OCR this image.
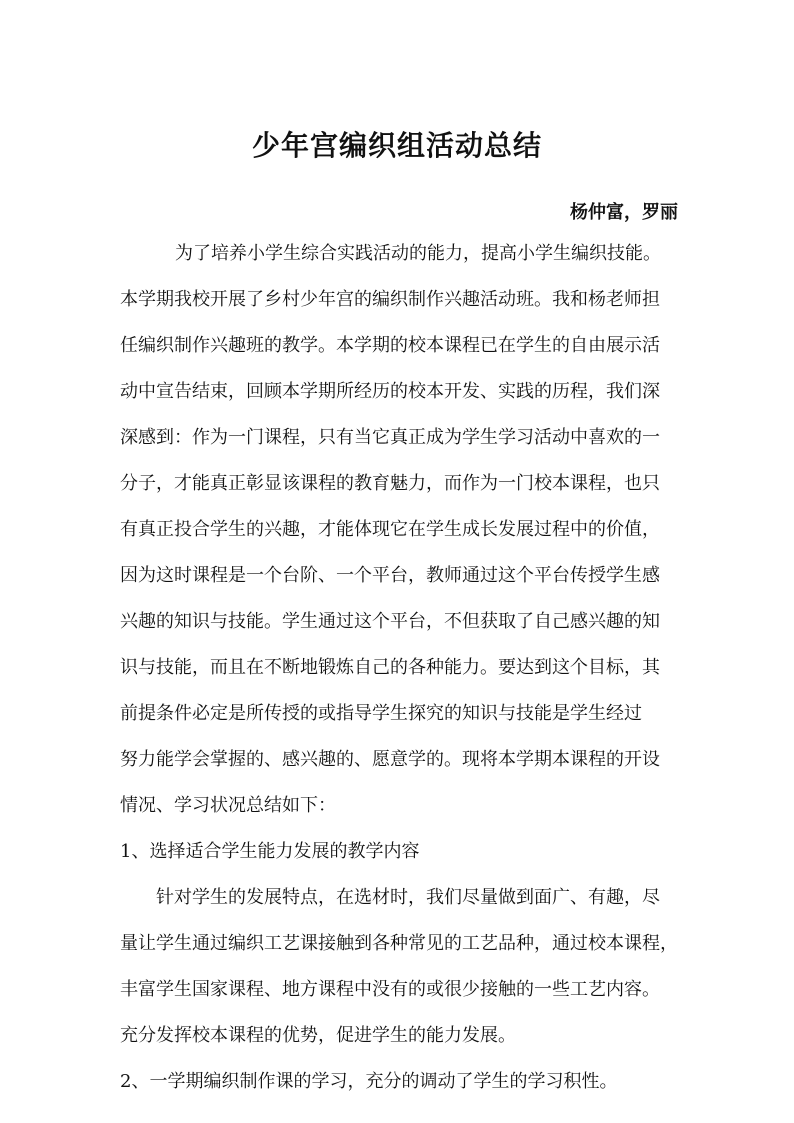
少年宫编织组活动总结

杨仲富，罗丽

为了培养小学生综合实践活动的能力，提高小学生编织技能。

本学期我校开展了乡村少年宫的编织制作兴趣活动班。我和杨老师担

任编织制作兴趣班的教学。本学期的校本课程已在学生的自由展示活

动中宣告结束，回顾本学期所经历的校本开发、实践的历程，我们深

深感到：作为一门课程，只有当它真正成为学生学习活动中喜欢的一

分子，才能真正彰显该课程的教育魅力，而作为一门校本课程，也只

有真正投合学生的兴趣，才能体现它在学生成长发展过程中的价值，

因为这时课程是一个台阶、一个平台，教师通过这个平台传授学生感

兴趣的知识与技能。学生通过这个平台，不但获取了自己感兴趣的知

识与技能，而且在不断地锻炼自己的各种能力。要达到这个目标，其

前提条件必定是所传授的或指导学生探究的知识与技能是学生经过

努力能学会掌握的、感兴趣的、愿意学的。现将本学期本课程的开设

情况、学习状况总结如下：

1、选择适合学生能力发展的教学内容

针对学生的发展特点，在选材时，我们尽量做到面广、有趣，尽

量让学生通过编织工艺课接触到各种常见的工艺品种，通过校本课程，

丰富学生国家课程、地方课程中没有的或很少接触的一些工艺内容。

充分发挥校本课程的优势，促进学生的能力发展。

2、一学期编织制作课的学习，充分的调动了学生的学习积性。
